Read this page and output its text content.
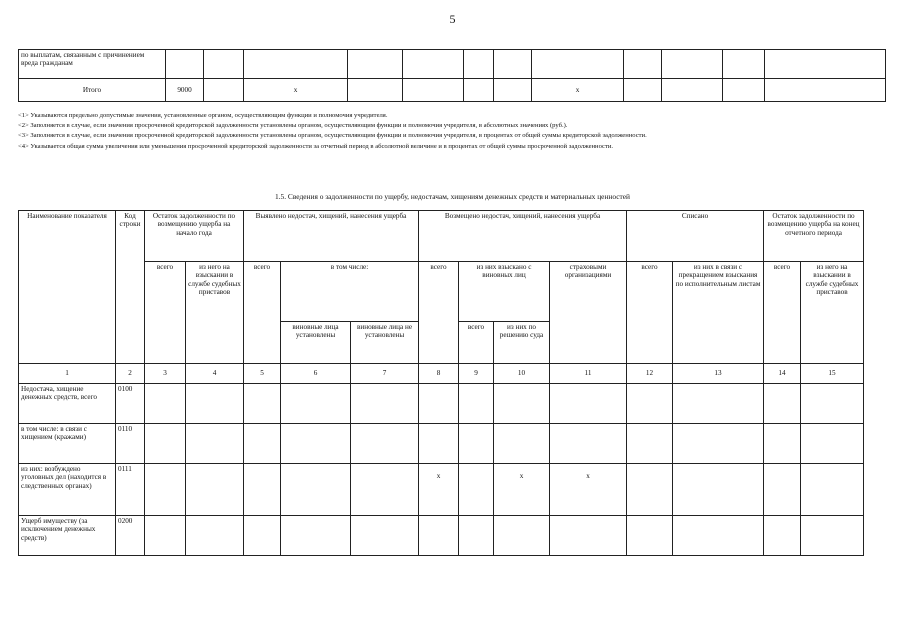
5
по выплатам, связанным с причинением вреда гражданам												
Итого	9000		х					х				
<1> Указываются предельно допустимые значения, установленные органом, осуществляющим функции и полномочия учредителя.
<2> Заполняется в случае, если значения просроченной кредиторской задолженности установлены органом, осуществляющим функции и полномочия учредителя, в абсолютных значениях (руб.).
<3> Заполняется в случае, если значения просроченной кредиторской задолженности установлены органом, осуществляющим функции и полномочия учредителя, в процентах от общей суммы кредиторской задолженности.
<4> Указывается общая сумма увеличения или уменьшения просроченной кредиторской задолженности за отчетный период в абсолютной величине и в процентах от общей суммы просроченной задолженности.
1.5. Сведения о задолженности по ущербу, недостачам, хищениям денежных средств и материальных ценностей
Наименование показателя	Код строки	Остаток задолженности по возмещению ущерба на начало года		Выявлено недостач, хищений, нанесения ущерба			Возмещено недостач, хищений, нанесения ущерба				Списано		Остаток задолженности по возмещению ущерба на конец отчетного периода	
		всего	из него на взыскании в службе судебных приставов	всего	в том числе:		всего	из них взыскано с виновных лиц		страховыми организациями	всего	из них в связи с прекращением взыскания по исполнительным листам	всего	из него на взыскании в службе судебных приставов
					виновные лица установлены	виновные лица не установлены		всего	из них по решению суда					
1	2	3	4	5	6	7	8	9	10	11	12	13	14	15
Недостача, хищение денежных средств, всего	0100													
в том числе: в связи с хищением (кражами)	0110													
из них: возбуждено уголовных дел (находится в следственных органах)	0111						х		х	х				
Ущерб имуществу (за исключением денежных средств)	0200													
